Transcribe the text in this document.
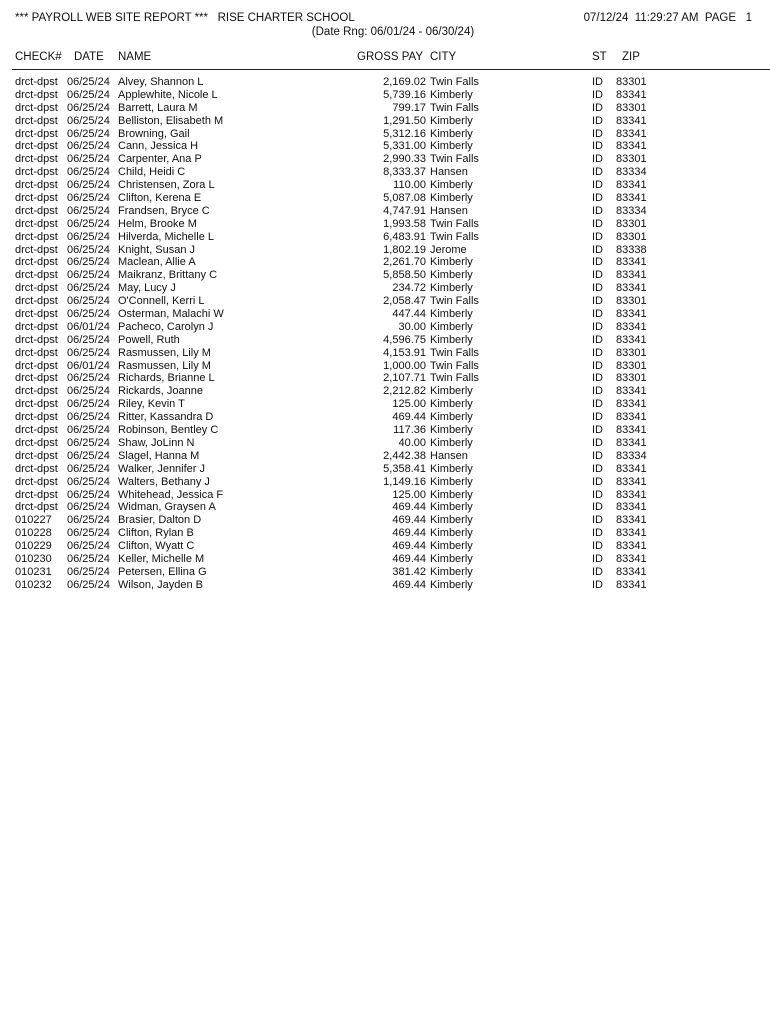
*** PAYROLL WEB SITE REPORT ***   RISE CHARTER SCHOOL	07/12/24  11:29:27 AM PAGE 1
(Date Rng: 06/01/24 - 06/30/24)
CHECK# DATE NAME	GROSS PAY CITY	ST ZIP
drct-dpst 06/25/24 Alvey, Shannon L	2,169.02 Twin Falls	ID 83301
drct-dpst 06/25/24 Applewhite, Nicole L	5,739.16 Kimberly	ID 83341
drct-dpst 06/25/24 Barrett, Laura M	799.17 Twin Falls	ID 83301
drct-dpst 06/25/24 Belliston, Elisabeth M	1,291.50 Kimberly	ID 83341
drct-dpst 06/25/24 Browning, Gail	5,312.16 Kimberly	ID 83341
drct-dpst 06/25/24 Cann, Jessica H	5,331.00 Kimberly	ID 83341
drct-dpst 06/25/24 Carpenter, Ana P	2,990.33 Twin Falls	ID 83301
drct-dpst 06/25/24 Child, Heidi C	8,333.37 Hansen	ID 83334
drct-dpst 06/25/24 Christensen, Zora L	110.00 Kimberly	ID 83341
drct-dpst 06/25/24 Clifton, Kerena E	5,087.08 Kimberly	ID 83341
drct-dpst 06/25/24 Frandsen, Bryce C	4,747.91 Hansen	ID 83334
drct-dpst 06/25/24 Helm, Brooke M	1,993.58 Twin Falls	ID 83301
drct-dpst 06/25/24 Hilverda, Michelle L	6,483.91 Twin Falls	ID 83301
drct-dpst 06/25/24 Knight, Susan J	1,802.19 Jerome	ID 83338
drct-dpst 06/25/24 Maclean, Allie A	2,261.70 Kimberly	ID 83341
drct-dpst 06/25/24 Maikranz, Brittany C	5,858.50 Kimberly	ID 83341
drct-dpst 06/25/24 May, Lucy J	234.72 Kimberly	ID 83341
drct-dpst 06/25/24 O'Connell, Kerri L	2,058.47 Twin Falls	ID 83301
drct-dpst 06/25/24 Osterman, Malachi W	447.44 Kimberly	ID 83341
drct-dpst 06/01/24 Pacheco, Carolyn J	30.00 Kimberly	ID 83341
drct-dpst 06/25/24 Powell, Ruth	4,596.75 Kimberly	ID 83341
drct-dpst 06/25/24 Rasmussen, Lily M	4,153.91 Twin Falls	ID 83301
drct-dpst 06/01/24 Rasmussen, Lily M	1,000.00 Twin Falls	ID 83301
drct-dpst 06/25/24 Richards, Brianne L	2,107.71 Twin Falls	ID 83301
drct-dpst 06/25/24 Rickards, Joanne	2,212.82 Kimberly	ID 83341
drct-dpst 06/25/24 Riley, Kevin T	125.00 Kimberly	ID 83341
drct-dpst 06/25/24 Ritter, Kassandra D	469.44 Kimberly	ID 83341
drct-dpst 06/25/24 Robinson, Bentley C	117.36 Kimberly	ID 83341
drct-dpst 06/25/24 Shaw, JoLinn N	40.00 Kimberly	ID 83341
drct-dpst 06/25/24 Slagel, Hanna M	2,442.38 Hansen	ID 83334
drct-dpst 06/25/24 Walker, Jennifer J	5,358.41 Kimberly	ID 83341
drct-dpst 06/25/24 Walters, Bethany J	1,149.16 Kimberly	ID 83341
drct-dpst 06/25/24 Whitehead, Jessica F	125.00 Kimberly	ID 83341
drct-dpst 06/25/24 Widman, Graysen A	469.44 Kimberly	ID 83341
010227 06/25/24 Brasier, Dalton D	469.44 Kimberly	ID 83341
010228 06/25/24 Clifton, Rylan B	469.44 Kimberly	ID 83341
010229 06/25/24 Clifton, Wyatt C	469.44 Kimberly	ID 83341
010230 06/25/24 Keller, Michelle M	469.44 Kimberly	ID 83341
010231 06/25/24 Petersen, Ellina G	381.42 Kimberly	ID 83341
010232 06/25/24 Wilson, Jayden B	469.44 Kimberly	ID 83341
